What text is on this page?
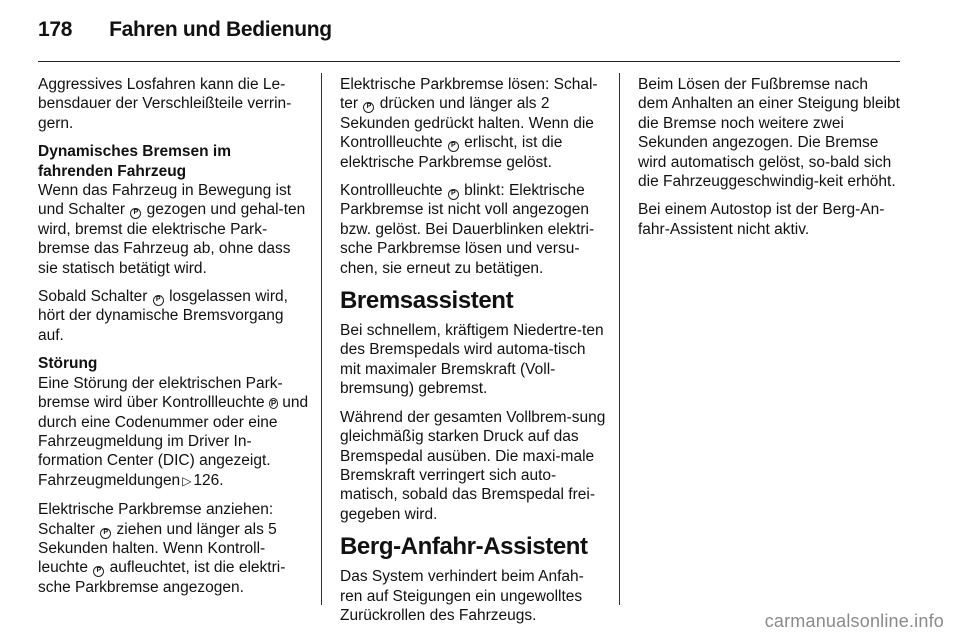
178 Fahren und Bedienung

Aggressives Losfahren kann die Le- bensdauer der Verschleißteile verrin- gern.

Dynamisches Bremsen im fahrenden Fahrzeug

Wenn das Fahrzeug in Bewegung ist und Schalter P gezogen und gehal-ten wird, bremst die elektrische Park-bremse das Fahrzeug ab, ohne dass sie statisch betätigt wird.

Sobald Schalter P losgelassen wird, hört der dynamische Bremsvorgang auf.

Störung

Eine Störung der elektrischen Park-bremse wird über Kontrollleuchte P und durch eine Codenummer oder eine Fahrzeugmeldung im Driver In-formation Center (DIC) angezeigt.
Fahrzeugmeldungen ▷ 126.

Elektrische Parkbremse anziehen: Schalter P ziehen und länger als 5 Sekunden halten. Wenn Kontroll-leuchte P aufleuchtet, ist die elektri-sche Parkbremse angezogen.

Elektrische Parkbremse lösen: Schal-ter P drücken und länger als 2 Sekunden gedrückt halten. Wenn die Kontrollleuchte P erlischt, ist die elektrische Parkbremse gelöst.

Kontrollleuchte P blinkt: Elektrische Parkbremse ist nicht voll angezogen bzw. gelöst. Bei Dauerblinken elektri-sche Parkbremse lösen und versu-chen, sie erneut zu betätigen.

Bremsassistent

Bei schnellem, kräftigem Niedertre-ten des Bremspedals wird automa-tisch mit maximaler Bremskraft (Voll-bremsung) gebremst.

Während der gesamten Vollbrem-sung gleichmäßig starken Druck auf das Bremspedal ausüben. Die maxi-male Bremskraft verringert sich auto-matisch, sobald das Bremspedal frei-gegeben wird.

Berg-Anfahr-Assistent

Das System verhindert beim Anfah-ren auf Steigungen ein ungewolltes Zurückrollen des Fahrzeugs.

Beim Lösen der Fußbremse nach dem Anhalten an einer Steigung bleibt die Bremse noch weitere zwei Sekunden angezogen. Die Bremse wird automatisch gelöst, so-bald sich die Fahrzeuggeschwindig-keit erhöht.

Bei einem Autostop ist der Berg-An-fahr-Assistent nicht aktiv.

carmanualsonline.info
